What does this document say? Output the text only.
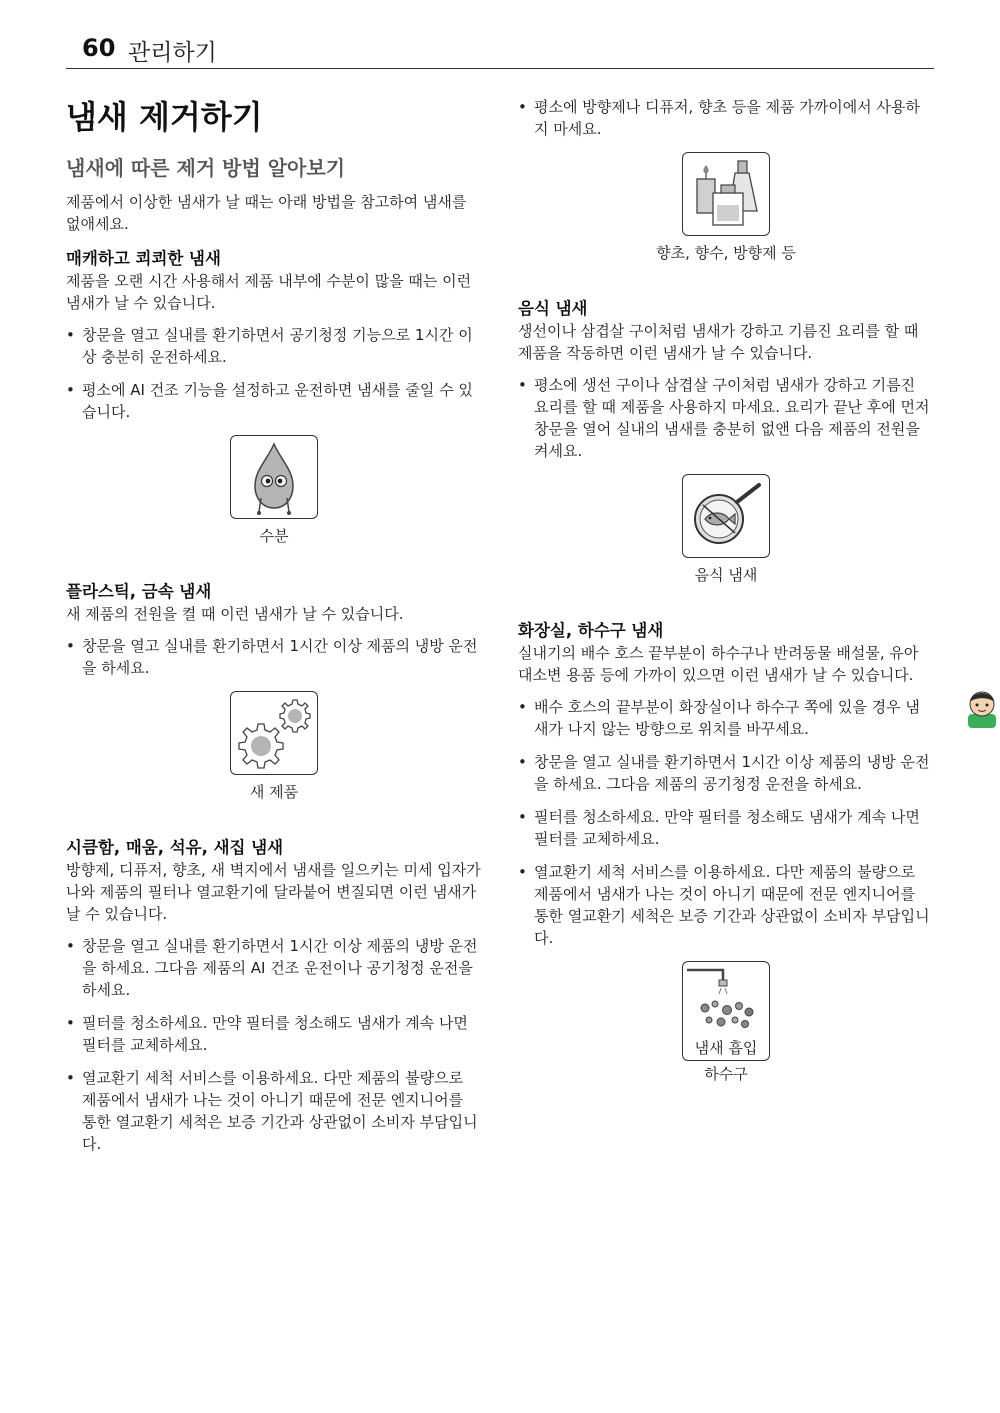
60 관리하기
냄새 제거하기
냄새에 따른 제거 방법 알아보기

제품에서 이상한 냄새가 날 때는 아래 방법을 참고하여 냄새를 없애세요.

매캐하고 쾨쾨한 냄새

제품을 오랜 시간 사용해서 제품 내부에 수분이 많을 때는 이런 냄새가 날 수 있습니다.

• 창문을 열고 실내를 환기하면서 공기청정 기능으로 1시간 이상 충분히 운전하세요.
• 평소에 AI 건조 기능을 설정하고 운전하면 냄새를 줄일 수 있습니다.
수분
플라스틱, 금속 냄새

새 제품의 전원을 켤 때 이런 냄새가 날 수 있습니다.

• 창문을 열고 실내를 환기하면서 1시간 이상 제품의 냉방 운전을 하세요.
새 제품
시큼함, 매움, 석유, 새집 냄새

방향제, 디퓨저, 향초, 새 벽지에서 냄새를 일으키는 미세 입자가 나와 제품의 필터나 열교환기에 달라붙어 변질되면 이런 냄새가 날 수 있습니다.

• 창문을 열고 실내를 환기하면서 1시간 이상 제품의 냉방 운전을 하세요. 그다음 제품의 AI 건조 운전이나 공기청정 운전을 하세요.
• 필터를 청소하세요. 만약 필터를 청소해도 냄새가 계속 나면 필터를 교체하세요.
• 열교환기 세척 서비스를 이용하세요. 다만 제품의 불량으로 제품에서 냄새가 나는 것이 아니기 때문에 전문 엔지니어를 통한 열교환기 세척은 보증 기간과 상관없이 소비자 부담입니다.
• 평소에 방향제나 디퓨저, 향초 등을 제품 가까이에서 사용하지 마세요.
향초, 향수, 방향제 등
음식 냄새

생선이나 삼겹살 구이처럼 냄새가 강하고 기름진 요리를 할 때 제품을 작동하면 이런 냄새가 날 수 있습니다.

• 평소에 생선 구이나 삼겹살 구이처럼 냄새가 강하고 기름진 요리를 할 때 제품을 사용하지 마세요. 요리가 끝난 후에 먼저 창문을 열어 실내의 냄새를 충분히 없앤 다음 제품의 전원을 켜세요.
음식 냄새
화장실, 하수구 냄새

실내기의 배수 호스 끝부분이 하수구나 반려동물 배설물, 유아 대소변 용품 등에 가까이 있으면 이런 냄새가 날 수 있습니다.

• 배수 호스의 끝부분이 화장실이나 하수구 쪽에 있을 경우 냄새가 나지 않는 방향으로 위치를 바꾸세요.
• 창문을 열고 실내를 환기하면서 1시간 이상 제품의 냉방 운전을 하세요. 그다음 제품의 공기청정 운전을 하세요.
• 필터를 청소하세요. 만약 필터를 청소해도 냄새가 계속 나면 필터를 교체하세요.
• 열교환기 세척 서비스를 이용하세요. 다만 제품의 불량으로 제품에서 냄새가 나는 것이 아니기 때문에 전문 엔지니어를 통한 열교환기 세척은 보증 기간과 상관없이 소비자 부담입니다.
냄새 흡입
하수구
